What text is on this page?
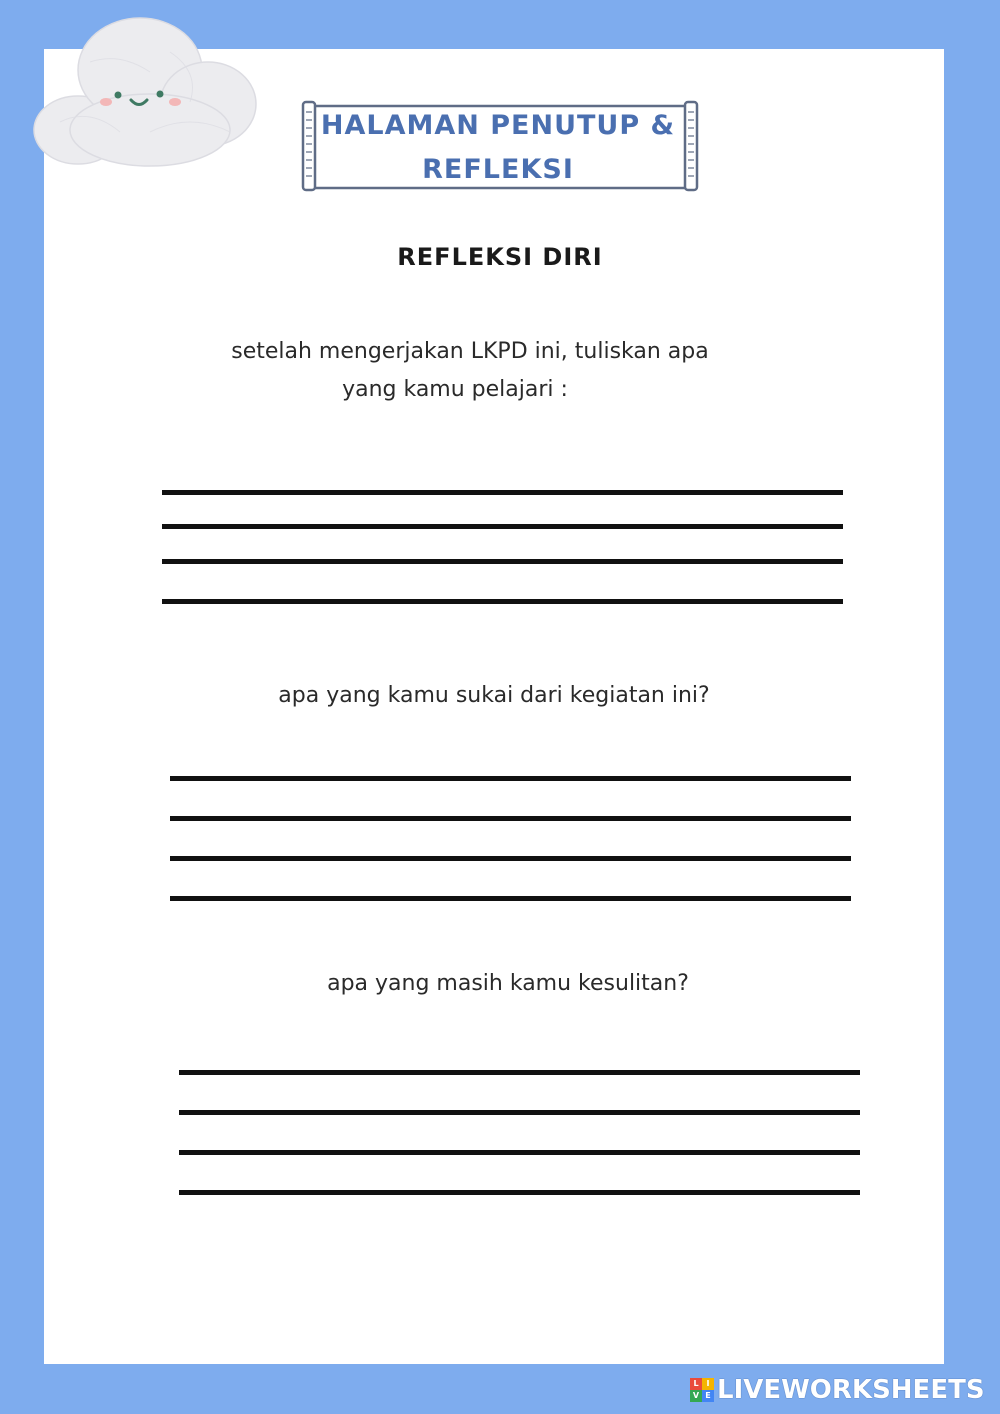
HALAMAN PENUTUP &
REFLEKSI
REFLEKSI DIRI
setelah mengerjakan LKPD ini, tuliskan apa
yang kamu pelajari :
apa yang kamu sukai dari kegiatan ini?
apa yang masih kamu kesulitan?
L I
V E LIVEWORKSHEETS
